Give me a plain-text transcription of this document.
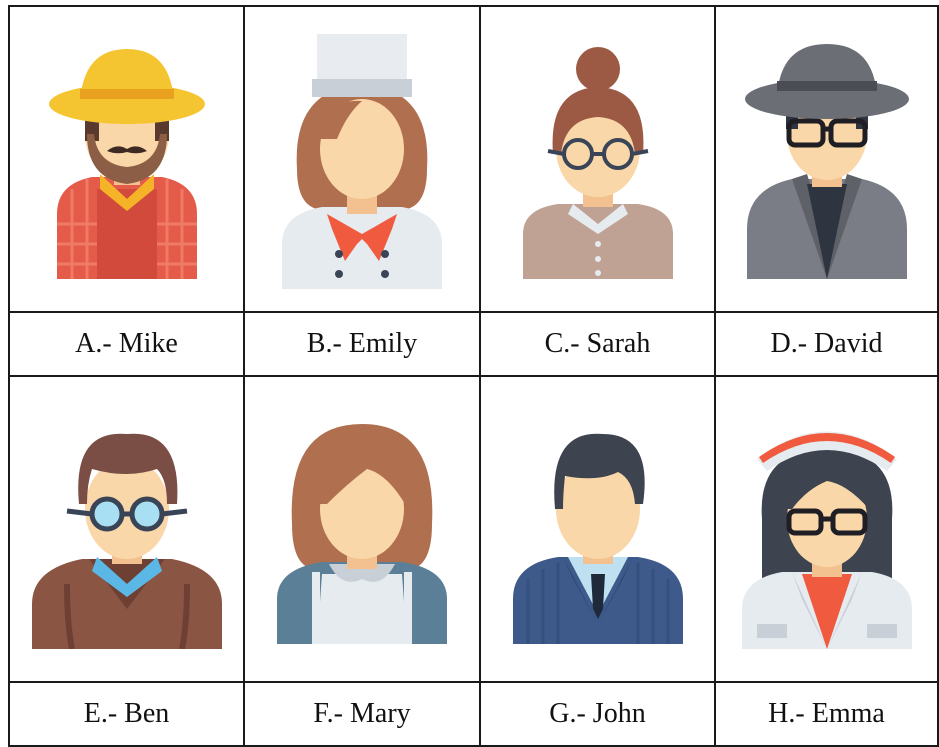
A.- Mike	B.- Emily	C.- Sarah	D.- David

E.- Ben	F.- Mary	G.- John	H.- Emma
